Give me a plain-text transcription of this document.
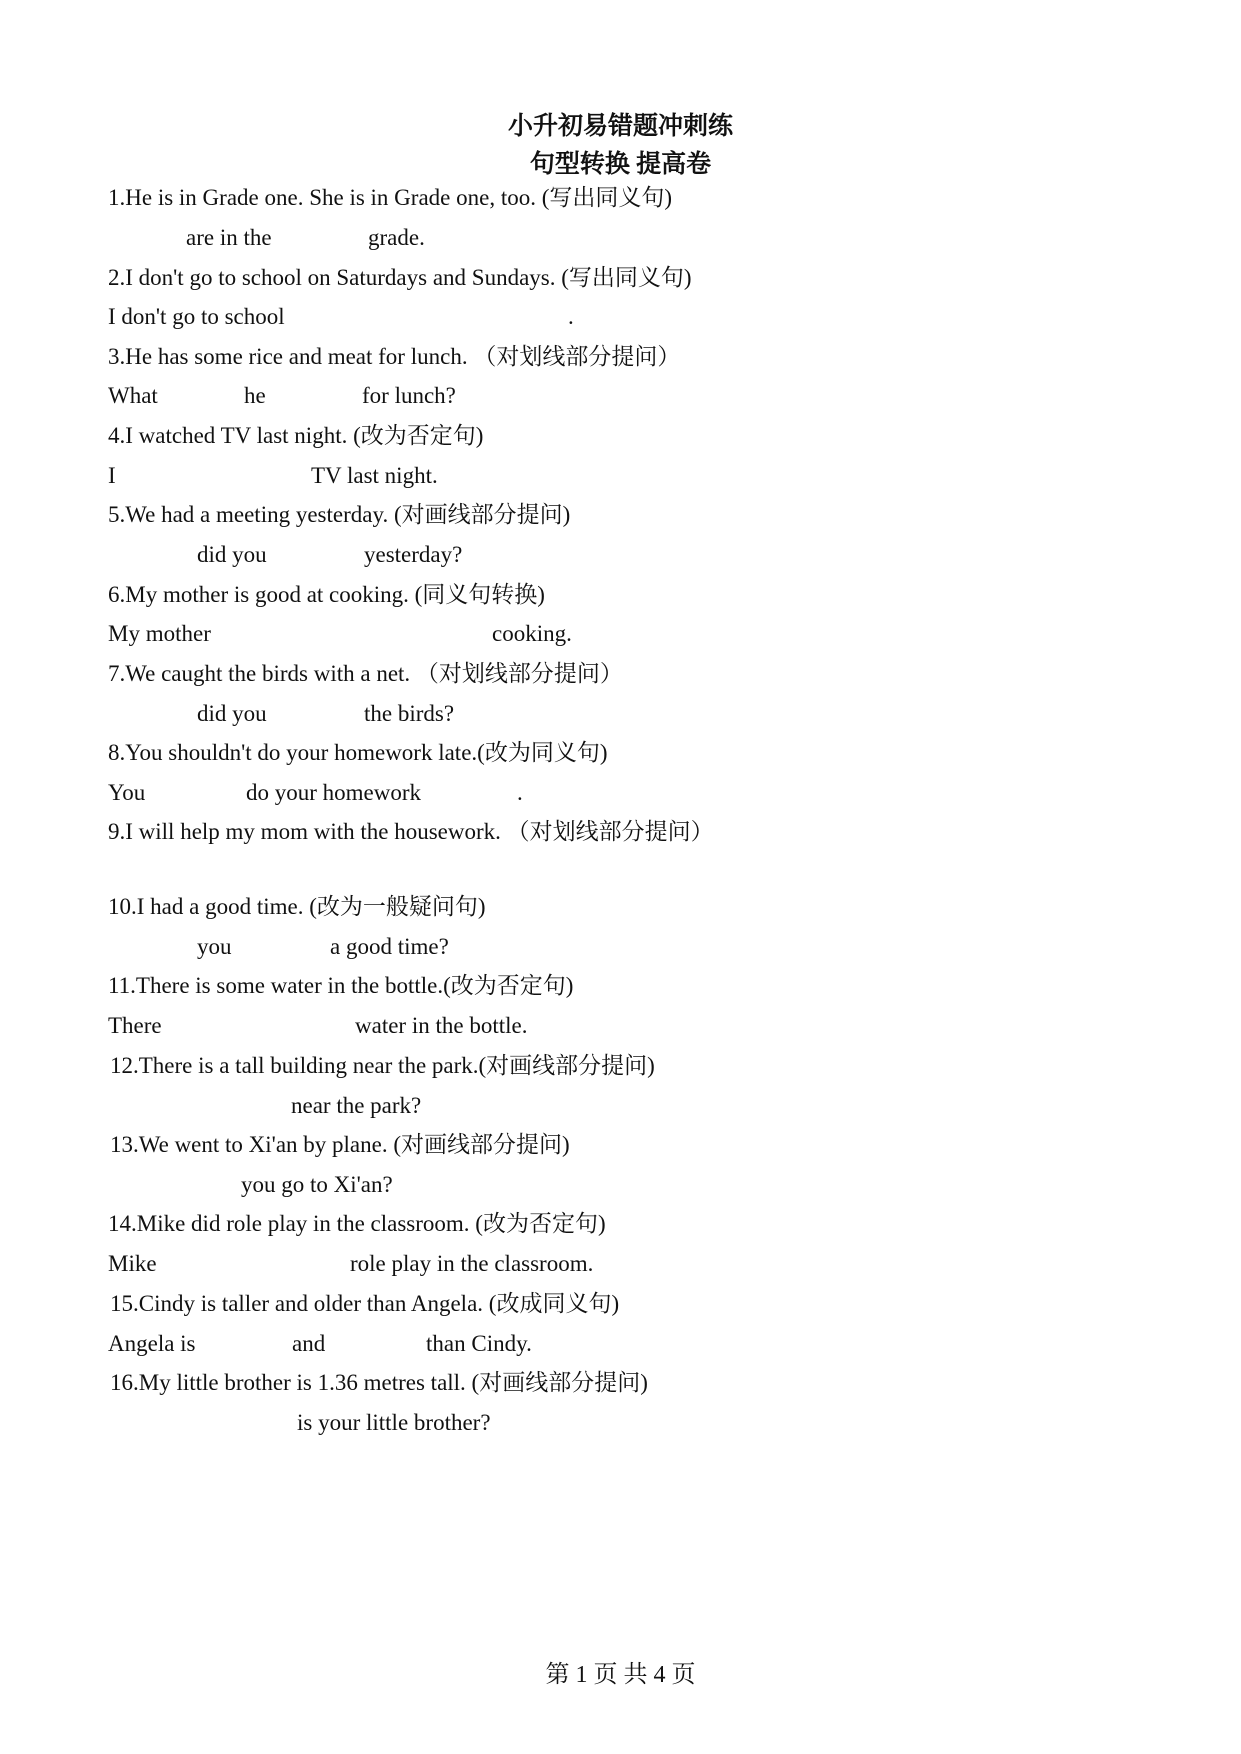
小升初易错题冲刺练
句型转换 提高卷
1.He is in Grade one. She is in Grade one, too. (写出同义句)
are in the	grade.
2.I don't go to school on Saturdays and Sundays. (写出同义句)
I don't go to school	.
3.He has some rice and meat for lunch. （对划线部分提问）
What	he	for lunch?
4.I watched TV last night. (改为否定句)
I	TV last night.
5.We had a meeting yesterday. (对画线部分提问)
did you	yesterday?
6.My mother is good at cooking. (同义句转换)
My mother	cooking.
7.We caught the birds with a net. （对划线部分提问）
did you	the birds?
8.You shouldn't do your homework late.(改为同义句)
You	do your homework	.
9.I will help my mom with the housework. （对划线部分提问）
10.I had a good time. (改为一般疑问句)
you	a good time?
11.There is some water in the bottle.(改为否定句)
There	water in the bottle.
12.There is a tall building near the park.(对画线部分提问)
near the park?
13.We went to Xi'an by plane. (对画线部分提问)
you go to Xi'an?
14.Mike did role play in the classroom. (改为否定句)
Mike	role play in the classroom.
15.Cindy is taller and older than Angela. (改成同义句)
Angela is	and	than Cindy.
16.My little brother is 1.36 metres tall. (对画线部分提问)
is your little brother?
第 1 页 共 4 页
